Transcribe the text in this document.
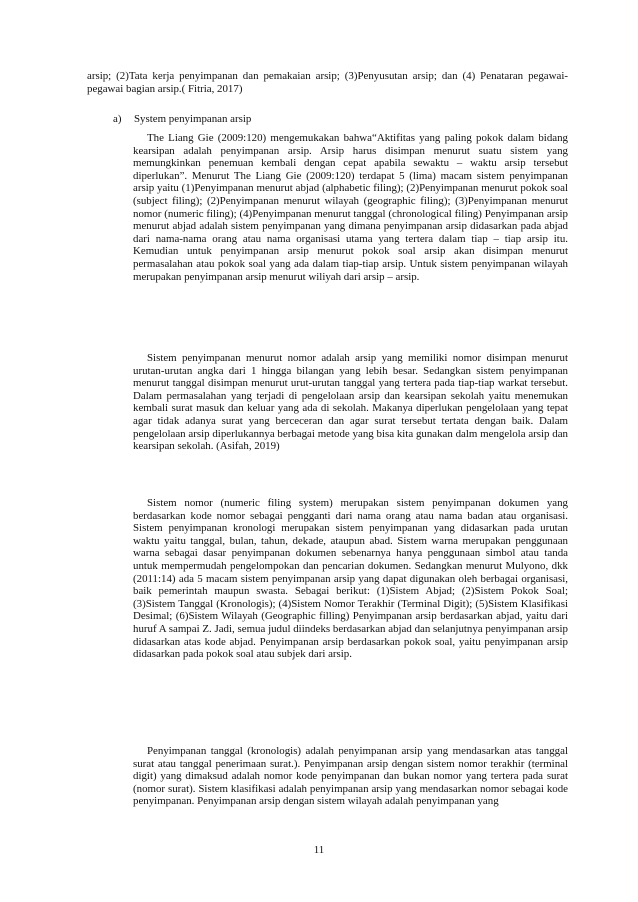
arsip; (2)Tata kerja penyimpanan dan pemakaian arsip; (3)Penyusutan arsip; dan (4) Penataran pegawai-pegawai bagian arsip.( Fitria, 2017)

a) System penyimpanan arsip

The Liang Gie (2009:120) mengemukakan bahwa“Aktifitas yang paling pokok dalam bidang kearsipan adalah penyimpanan arsip. Arsip harus disimpan menurut suatu sistem yang memungkinkan penemuan kembali dengan cepat apabila sewaktu – waktu arsip tersebut diperlukan”. Menurut The Liang Gie (2009:120) terdapat 5 (lima) macam sistem penyimpanan arsip yaitu (1)Penyimpanan menurut abjad (alphabetic filing); (2)Penyimpanan menurut pokok soal (subject filing); (2)Penyimpanan menurut wilayah (geographic filing); (3)Penyimpanan menurut nomor (numeric filing); (4)Penyimpanan menurut tanggal (chronological filing) Penyimpanan arsip menurut abjad adalah sistem penyimpanan yang dimana penyimpanan arsip didasarkan pada abjad dari nama-nama orang atau nama organisasi utama yang tertera dalam tiap – tiap arsip itu. Kemudian untuk penyimpanan arsip menurut pokok soal arsip akan disimpan menurut permasalahan atau pokok soal yang ada dalam tiap-tiap arsip. Untuk sistem penyimpanan wilayah merupakan penyimpanan arsip menurut wiliyah dari arsip – arsip.

Sistem penyimpanan menurut nomor adalah arsip yang memiliki nomor disimpan menurut urutan-urutan angka dari 1 hingga bilangan yang lebih besar. Sedangkan sistem penyimpanan menurut tanggal disimpan menurut urut-urutan tanggal yang tertera pada tiap-tiap warkat tersebut. Dalam permasalahan yang terjadi di pengelolaan arsip dan kearsipan sekolah yaitu menemukan kembali surat masuk dan keluar yang ada di sekolah. Makanya diperlukan pengelolaan yang tepat agar tidak adanya surat yang berceceran dan agar surat tersebut tertata dengan baik. Dalam pengelolaan arsip diperlukannya berbagai metode yang bisa kita gunakan dalm mengelola arsip dan kearsipan sekolah. (Asifah, 2019)

Sistem nomor (numeric filing system) merupakan sistem penyimpanan dokumen yang berdasarkan kode nomor sebagai pengganti dari nama orang atau nama badan atau organisasi. Sistem penyimpanan kronologi merupakan sistem penyimpanan yang didasarkan pada urutan waktu yaitu tanggal, bulan, tahun, dekade, ataupun abad. Sistem warna merupakan penggunaan warna sebagai dasar penyimpanan dokumen sebenarnya hanya penggunaan simbol atau tanda untuk mempermudah pengelompokan dan pencarian dokumen. Sedangkan menurut Mulyono, dkk (2011:14) ada 5 macam sistem penyimpanan arsip yang dapat digunakan oleh berbagai organisasi, baik pemerintah maupun swasta. Sebagai berikut: (1)Sistem Abjad; (2)Sistem Pokok Soal; (3)Sistem Tanggal (Kronologis); (4)Sistem Nomor Terakhir (Terminal Digit); (5)Sistem Klasifikasi Desimal; (6)Sistem Wilayah (Geographic filling) Penyimpanan arsip berdasarkan abjad, yaitu dari huruf A sampai Z. Jadi, semua judul diindeks berdasarkan abjad dan selanjutnya penyimpanan arsip didasarkan atas kode abjad. Penyimpanan arsip berdasarkan pokok soal, yaitu penyimpanan arsip didasarkan pada pokok soal atau subjek dari arsip.

Penyimpanan tanggal (kronologis) adalah penyimpanan arsip yang mendasarkan atas tanggal surat atau tanggal penerimaan surat.). Penyimpanan arsip dengan sistem nomor terakhir (terminal digit) yang dimaksud adalah nomor kode penyimpanan dan bukan nomor yang tertera pada surat (nomor surat). Sistem klasifikasi adalah penyimpanan arsip yang mendasarkan nomor sebagai kode penyimpanan. Penyimpanan arsip dengan sistem wilayah adalah penyimpanan yang

11
